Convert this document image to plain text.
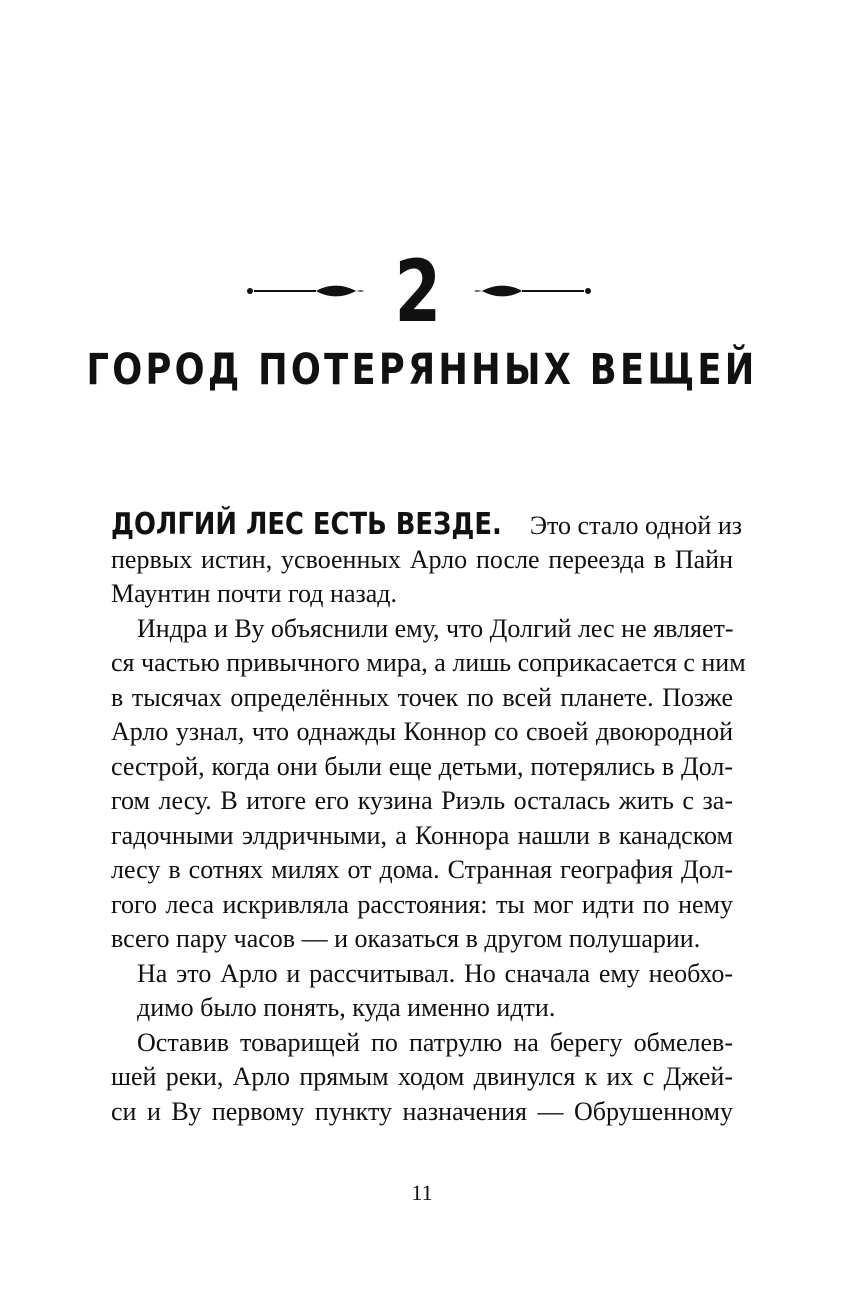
2
ГОРОД ПОТЕРЯННЫХ ВЕЩЕЙ
ДОЛГИЙ ЛЕС ЕСТЬ ВЕЗДЕ. Это стало одной из
первых истин, усвоенных Арло после переезда в Пайн
Маунтин почти год назад.
Индра и Ву объяснили ему, что Долгий лес не являет-
ся частью привычного мира, а лишь соприкасается с ним
в тысячах определённых точек по всей планете. Позже
Арло узнал, что однажды Коннор со своей двоюродной
сестрой, когда они были еще детьми, потерялись в Дол-
гом лесу. В итоге его кузина Риэль осталась жить с за-
гадочными элдричными, а Коннора нашли в канадском
лесу в сотнях милях от дома. Странная география Дол-
гого леса искривляла расстояния: ты мог идти по нему
всего пару часов — и оказаться в другом полушарии.
На это Арло и рассчитывал. Но сначала ему необхо-
димо было понять, куда именно идти.
Оставив товарищей по патрулю на берегу обмелев-
шей реки, Арло прямым ходом двинулся к их с Джей-
си и Ву первому пункту назначения — Обрушенному
11
